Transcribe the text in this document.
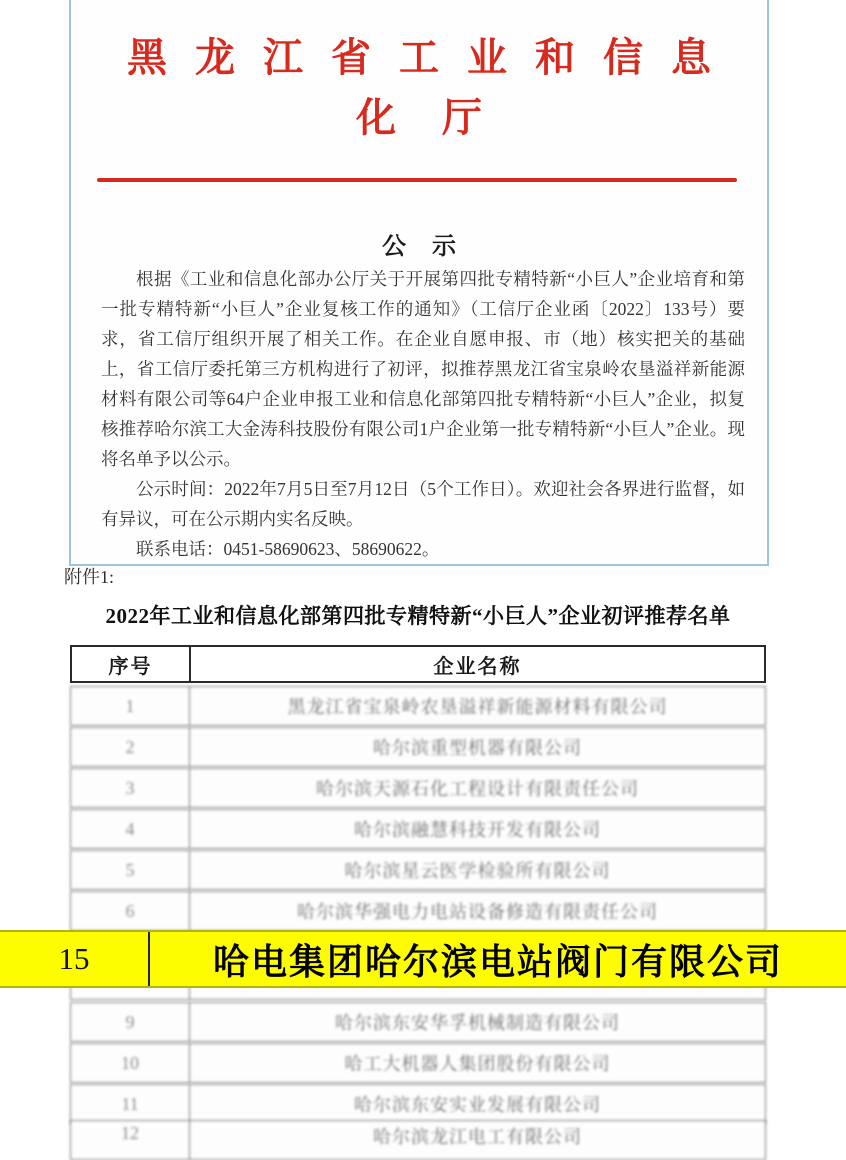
黑龙江省工业和信息
化厅
公 示

根据《工业和信息化部办公厅关于开展第四批专精特新“小巨人”企业培育和第一批专精特新“小巨人”企业复核工作的通知》（工信厅企业函〔2022〕133号）要求，省工信厅组织开展了相关工作。在企业自愿申报、市（地）核实把关的基础上，省工信厅委托第三方机构进行了初评，拟推荐黑龙江省宝泉岭农垦溢祥新能源材料有限公司等64户企业申报工业和信息化部第四批专精特新“小巨人”企业，拟复核推荐哈尔滨工大金涛科技股份有限公司1户企业第一批专精特新“小巨人”企业。现将名单予以公示。

公示时间：2022年7月5日至7月12日（5个工作日）。欢迎社会各界进行监督，如有异议，可在公示期内实名反映。

联系电话：0451-58690623、58690622。

附件1:
2022年工业和信息化部第四批专精特新“小巨人”企业初评推荐名单
序号	企业名称
1	黑龙江省宝泉岭农垦溢祥新能源材料有限公司
2	哈尔滨重型机器有限公司
3	哈尔滨天源石化工程设计有限责任公司
4	哈尔滨融慧科技开发有限公司
5	哈尔滨星云医学检验所有限公司
6	哈尔滨华强电力电站设备修造有限责任公司
9	哈尔滨东安华孚机械制造有限公司
10	哈工大机器人集团股份有限公司
11	哈尔滨东安实业发展有限公司
12	哈尔滨龙江电工有限公司
15	哈电集团哈尔滨电站阀门有限公司
